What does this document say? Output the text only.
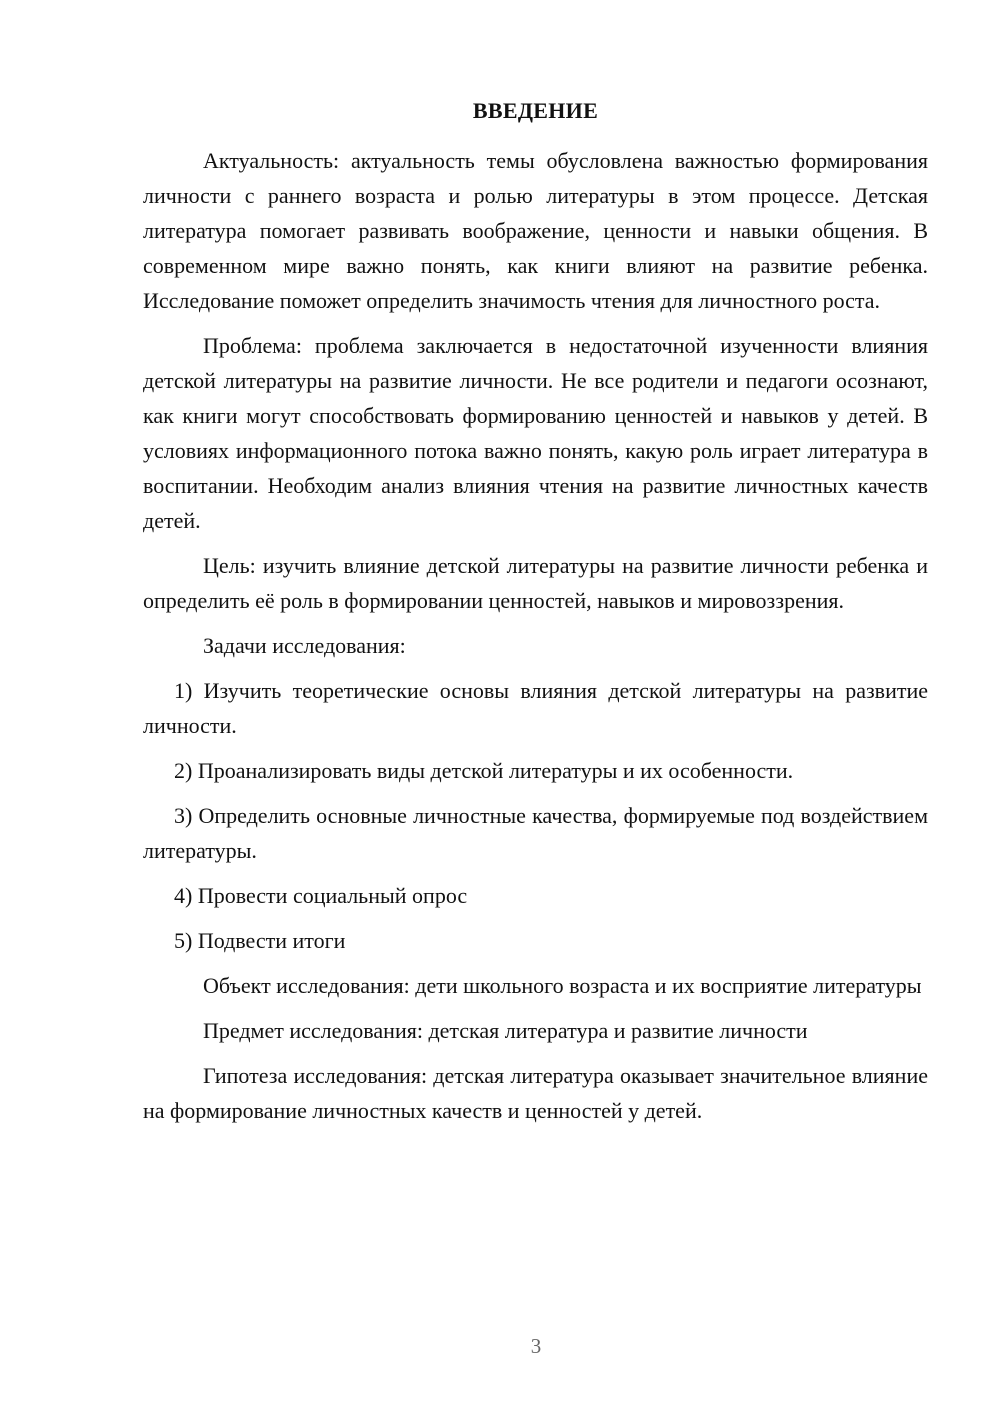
ВВЕДЕНИЕ

Актуальность: актуальность темы обусловлена важностью формирования личности с раннего возраста и ролью литературы в этом процессе. Детская литература помогает развивать воображение, ценности и навыки общения. В современном мире важно понять, как книги влияют на развитие ребенка. Исследование поможет определить значимость чтения для личностного роста.

Проблема: проблема заключается в недостаточной изученности влияния детской литературы на развитие личности. Не все родители и педагоги осознают, как книги могут способствовать формированию ценностей и навыков у детей. В условиях информационного потока важно понять, какую роль играет литература в воспитании. Необходим анализ влияния чтения на развитие личностных качеств детей.

Цель: изучить влияние детской литературы на развитие личности ребенка и определить её роль в формировании ценностей, навыков и мировоззрения.

Задачи исследования:

1) Изучить теоретические основы влияния детской литературы на развитие личности.

2) Проанализировать виды детской литературы и их особенности.

3) Определить основные личностные качества, формируемые под воздействием литературы.

4) Провести социальный опрос

5) Подвести итоги

Объект исследования: дети школьного возраста и их восприятие литературы

Предмет исследования: детская литература и развитие личности

Гипотеза исследования: детская литература оказывает значительное влияние на формирование личностных качеств и ценностей у детей.

3
